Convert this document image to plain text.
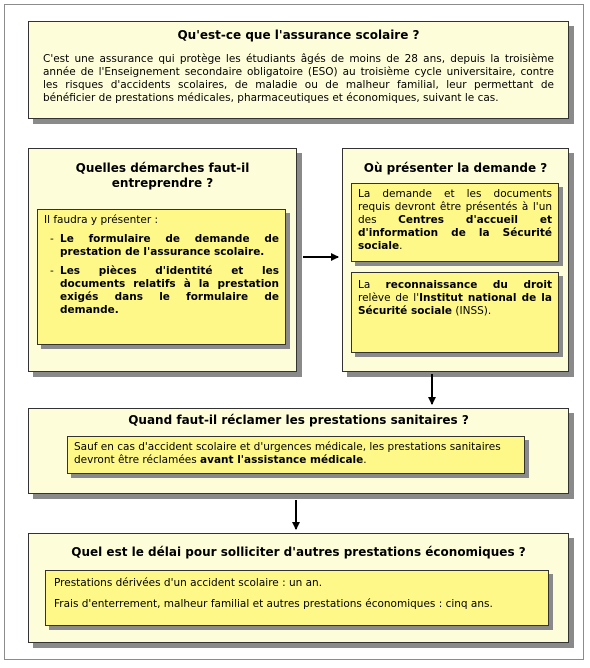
Qu'est-ce que l'assurance scolaire ?
C'est une assurance qui protège les étudiants âgés de moins de 28 ans, depuis la troisième année de l'Enseignement secondaire obligatoire (ESO) au troisième cycle universitaire, contre les risques d'accidents scolaires, de maladie ou de malheur familial, leur permettant de bénéficier de prestations médicales, pharmaceutiques et économiques, suivant le cas.
Quelles démarches faut-il entreprendre ?
Il faudra y présenter :
- Le formulaire de demande de prestation de l'assurance scolaire.
- Les pièces d'identité et les documents relatifs à la prestation exigés dans le formulaire de demande.
Où présenter la demande ?
La demande et les documents requis devront être présentés à l'un des Centres d'accueil et d'information de la Sécurité sociale.
La reconnaissance du droit relève de l'Institut national de la Sécurité sociale (INSS).
Quand faut-il réclamer les prestations sanitaires ?
Sauf en cas d'accident scolaire et d'urgences médicale, les prestations sanitaires devront être réclamées avant l'assistance médicale.
Quel est le délai pour solliciter d'autres prestations économiques ?
Prestations dérivées d'un accident scolaire : un an.
Frais d'enterrement, malheur familial et autres prestations économiques : cinq ans.
